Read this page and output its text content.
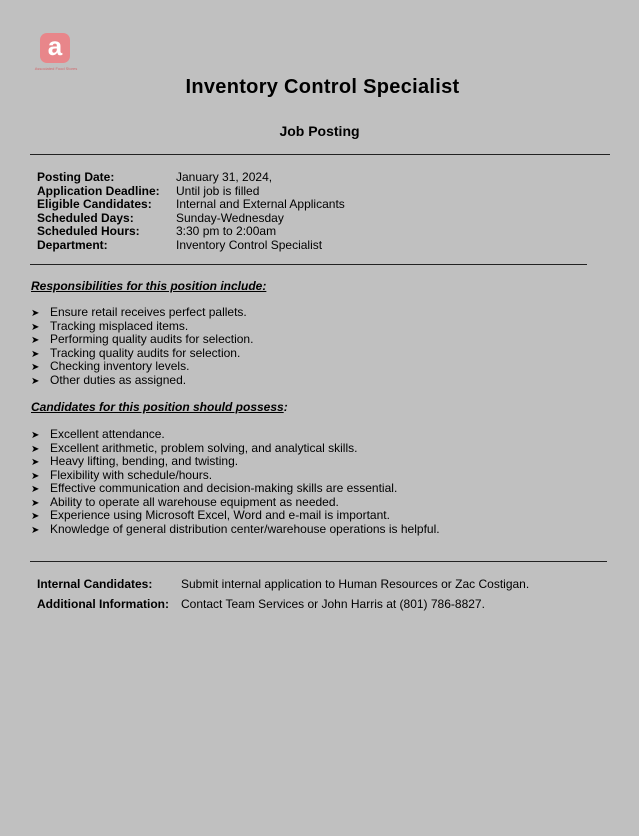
a
Associated Food Stores
Inventory Control Specialist
Job Posting
Posting Date:	January 31, 2024,
Application Deadline: Until job is filled
Eligible Candidates: Internal and External Applicants
Scheduled Days:	Sunday-Wednesday
Scheduled Hours:	3:30 pm to 2:00am
Department:	Inventory Control Specialist
Responsibilities for this position include:
➤ Ensure retail receives perfect pallets.
➤ Tracking misplaced items.
➤ Performing quality audits for selection.
➤ Tracking quality audits for selection.
➤ Checking inventory levels.
➤ Other duties as assigned.
Candidates for this position should possess:
➤ Excellent attendance.
➤ Excellent arithmetic, problem solving, and analytical skills.
➤ Heavy lifting, bending, and twisting.
➤ Flexibility with schedule/hours.
➤ Effective communication and decision-making skills are essential.
➤ Ability to operate all warehouse equipment as needed.
➤ Experience using Microsoft Excel, Word and e-mail is important.
➤ Knowledge of general distribution center/warehouse operations is helpful.
Internal Candidates: Submit internal application to Human Resources or Zac Costigan.
Additional Information: Contact Team Services or John Harris at (801) 786-8827.
